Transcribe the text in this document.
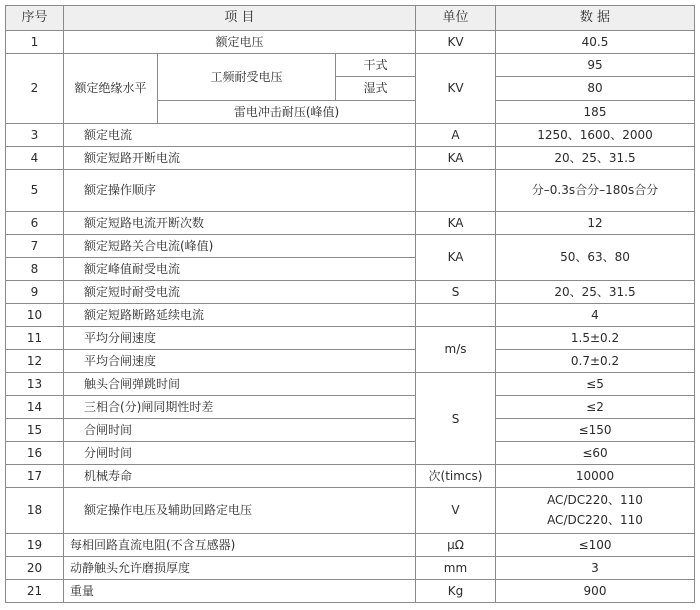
序号	项 目			单位	数 据
1	额定电压			KV	40.5
2	额定绝缘水平	工频耐受电压	干式	KV	95
			湿式		80
		雷电冲击耐压(峰值)			185
3	额定电流			A	1250、1600、2000
4	额定短路开断电流			KA	20、25、31.5
5	额定操作顺序				分–0.3s合分–180s合分
6	额定短路电流开断次数			KA	12
7	额定短路关合电流(峰值)			KA	50、63、80
8	额定峰值耐受电流				
9	额定短时耐受电流			S	20、25、31.5
10	额定短路断路延续电流				4
11	平均分闸速度			m/s	1.5±0.2
12	平均合闸速度				0.7±0.2
13	触头合闸弹跳时间			S	≤5
14	三相合(分)闸同期性时差				≤2
15	合闸时间				≤150
16	分闸时间				≤60
17	机械寿命			次(timcs)	10000
18	额定操作电压及辅助回路定电压			V	AC/DC220、110
AC/DC220、110

19	每相回路直流电阻(不含互感器)			μΩ	≤100
20	动静触头允许磨损厚度			mm	3
21	重量			Kg	900
